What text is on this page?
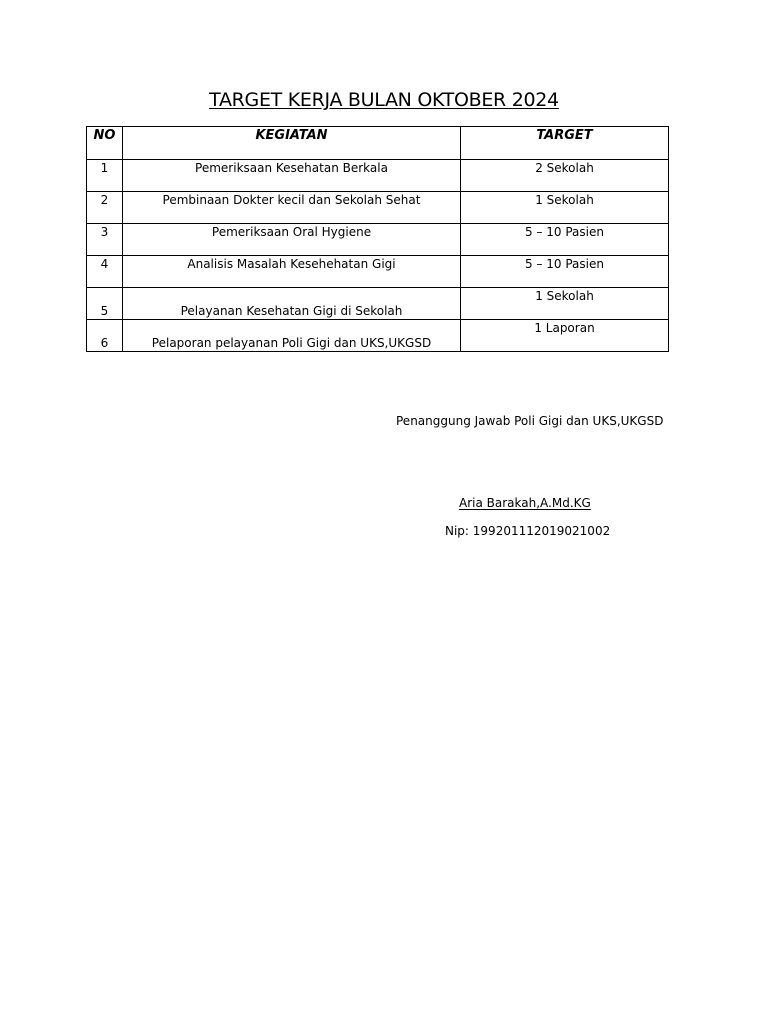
TARGET KERJA BULAN OKTOBER 2024
NO	KEGIATAN	TARGET
1	Pemeriksaan Kesehatan Berkala	2 Sekolah
2	Pembinaan Dokter kecil dan Sekolah Sehat	1 Sekolah
3	Pemeriksaan Oral Hygiene	5 – 10 Pasien
4	Analisis Masalah Kesehehatan Gigi	5 – 10 Pasien
5	Pelayanan Kesehatan Gigi di Sekolah	1 Sekolah
6	Pelaporan pelayanan Poli Gigi dan UKS,UKGSD	1 Laporan
Penanggung Jawab Poli Gigi dan UKS,UKGSD
Aria Barakah,A.Md.KG
Nip: 199201112019021002
